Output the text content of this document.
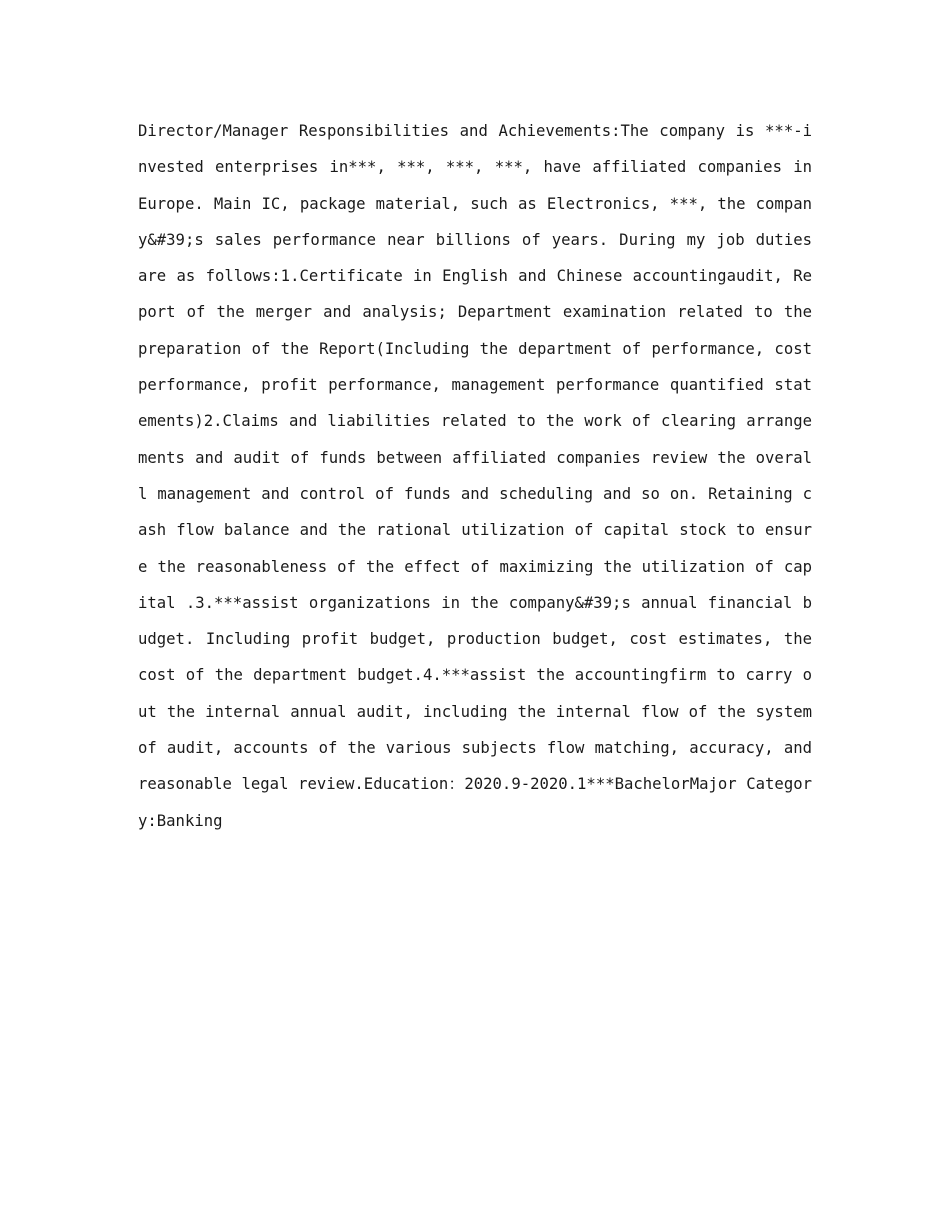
Director/Manager Responsibilities and Achievements:The company is ***-invested enterprises in***, ***, ***, ***, have affiliated companies in Europe. Main IC, package material, such as Electronics, ***, the company&#39;s sales performance near billions of years. During my job duties are as follows:1.Certificate in English and Chinese accountingaudit, Report of the merger and analysis; Department examination related to the preparation of the Report(Including the department of performance, cost performance, profit performance, management performance quantified statements)2.Claims and liabilities related to the work of clearing arrangements and audit of funds between affiliated companies review the overall management and control of funds and scheduling and so on. Retaining cash flow balance and the rational utilization of capital stock to ensure the reasonableness of the effect of maximizing the utilization of capital .3.***assist organizations in the company&#39;s annual financial budget. Including profit budget, production budget, cost estimates, the cost of the department budget.4.***assist the accountingfirm to carry out the internal annual audit, including the internal flow of the system of audit, accounts of the various subjects flow matching, accuracy, and reasonable legal review.Education：2020.9-2020.1***BachelorMajor Category:Banking
